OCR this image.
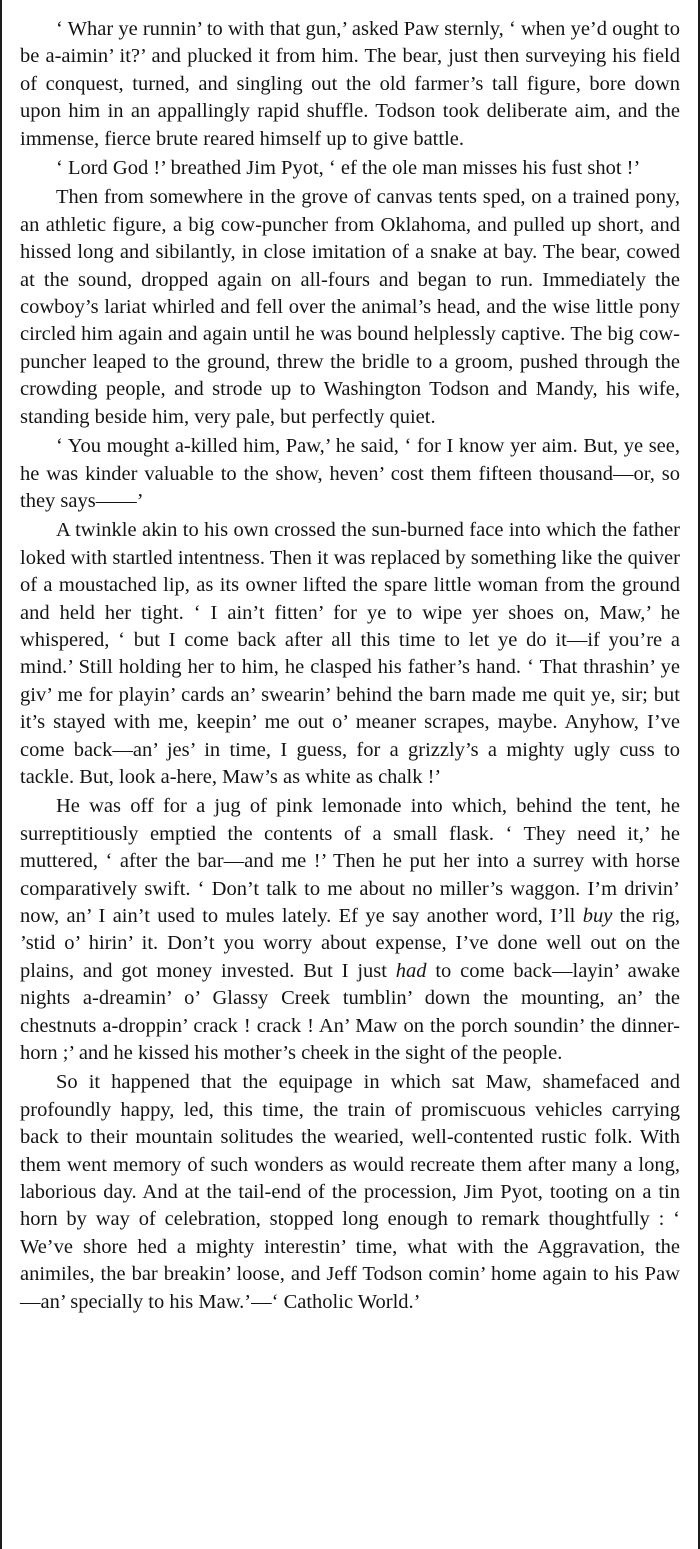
‘ Whar ye runnin’ to with that gun,’ asked Paw sternly, ‘ when ye’d ought to be a-aimin’ it?’ and plucked it from him. The bear, just then surveying his field of conquest, turned, and singling out the old farmer’s tall figure, bore down upon him in an appallingly rapid shuffle. Todson took deliberate aim, and the immense, fierce brute reared himself up to give battle.

‘ Lord God !’ breathed Jim Pyot, ‘ ef the ole man misses his fust shot !’

Then from somewhere in the grove of canvas tents sped, on a trained pony, an athletic figure, a big cow-puncher from Oklahoma, and pulled up short, and hissed long and sibilantly, in close imitation of a snake at bay. The bear, cowed at the sound, dropped again on all-fours and began to run. Immediately the cowboy’s lariat whirled and fell over the animal’s head, and the wise little pony circled him again and again until he was bound helplessly captive. The big cow-puncher leaped to the ground, threw the bridle to a groom, pushed through the crowding people, and strode up to Washington Todson and Mandy, his wife, standing beside him, very pale, but perfectly quiet.

‘ You mought a-killed him, Paw,’ he said, ‘ for I know yer aim. But, ye see, he was kinder valuable to the show, heven’ cost them fifteen thousand—or, so they says——’

A twinkle akin to his own crossed the sun-burned face into which the father loked with startled intentness. Then it was replaced by something like the quiver of a moustached lip, as its owner lifted the spare little woman from the ground and held her tight. ‘ I ain’t fitten’ for ye to wipe yer shoes on, Maw,’ he whispered, ‘ but I come back after all this time to let ye do it—if you’re a mind.’ Still holding her to him, he clasped his father’s hand. ‘ That thrashin’ ye giv’ me for playin’ cards an’ swearin’ behind the barn made me quit ye, sir; but it’s stayed with me, keepin’ me out o’ meaner scrapes, maybe. Anyhow, I’ve come back—an’ jes’ in time, I guess, for a grizzly’s a mighty ugly cuss to tackle. But, look a-here, Maw’s as white as chalk !’

He was off for a jug of pink lemonade into which, behind the tent, he surreptitiously emptied the contents of a small flask. ‘ They need it,’ he muttered, ‘ after the bar—and me !’ Then he put her into a surrey with horse comparatively swift. ‘ Don’t talk to me about no miller’s waggon. I’m drivin’ now, an’ I ain’t used to mules lately. Ef ye say another word, I’ll buy the rig, ’stid o’ hirin’ it. Don’t you worry about expense, I’ve done well out on the plains, and got money invested. But I just had to come back—layin’ awake nights a-dreamin’ o’ Glassy Creek tumblin’ down the mounting, an’ the chestnuts a-droppin’ crack ! crack ! An’ Maw on the porch soundin’ the dinner-horn ;’ and he kissed his mother’s cheek in the sight of the people.

So it happened that the equipage in which sat Maw, shamefaced and profoundly happy, led, this time, the train of promiscuous vehicles carrying back to their mountain solitudes the wearied, well-contented rustic folk. With them went memory of such wonders as would recreate them after many a long, laborious day. And at the tail-end of the procession, Jim Pyot, tooting on a tin horn by way of celebration, stopped long enough to remark thoughtfully : ‘ We’ve shore hed a mighty interestin’ time, what with the Aggravation, the animiles, the bar breakin’ loose, and Jeff Todson comin’ home again to his Paw—an’ specially to his Maw.’—‘ Catholic World.’
